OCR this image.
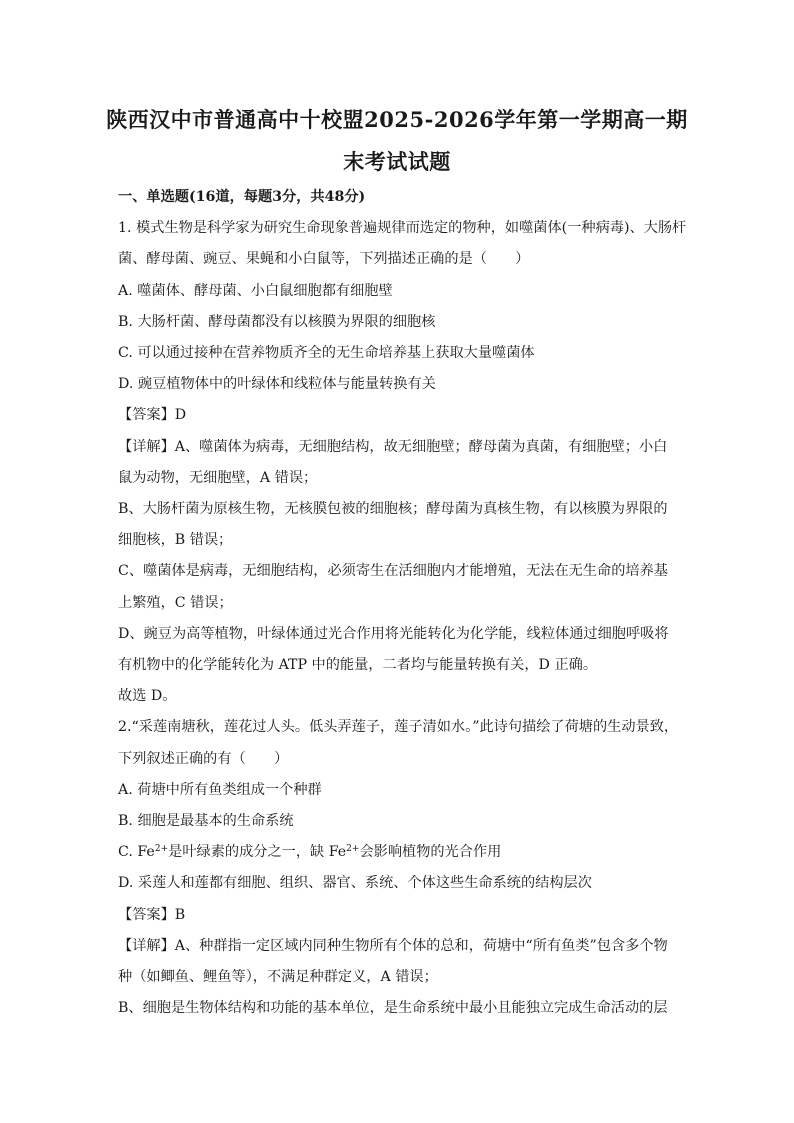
陕西汉中市普通高中十校盟2025-2026学年第一学期高一期
末考试试题
一、单选题(16道，每题3分，共48分)
1. 模式生物是科学家为研究生命现象普遍规律而选定的物种，如噬菌体(一种病毒)、大肠杆
菌、酵母菌、豌豆、果蝇和小白鼠等，下列描述正确的是（　　）
A. 噬菌体、酵母菌、小白鼠细胞都有细胞壁
B. 大肠杆菌、酵母菌都没有以核膜为界限的细胞核
C. 可以通过接种在营养物质齐全的无生命培养基上获取大量噬菌体
D. 豌豆植物体中的叶绿体和线粒体与能量转换有关
【答案】D
【详解】A、噬菌体为病毒，无细胞结构，故无细胞壁；酵母菌为真菌，有细胞壁；小白
鼠为动物，无细胞壁，A 错误；
B、大肠杆菌为原核生物，无核膜包被的细胞核；酵母菌为真核生物，有以核膜为界限的
细胞核，B 错误；
C、噬菌体是病毒，无细胞结构，必须寄生在活细胞内才能增殖，无法在无生命的培养基
上繁殖，C 错误；
D、豌豆为高等植物，叶绿体通过光合作用将光能转化为化学能，线粒体通过细胞呼吸将
有机物中的化学能转化为 ATP 中的能量，二者均与能量转换有关，D 正确。
故选 D。
2.“采莲南塘秋，莲花过人头。低头弄莲子，莲子清如水。”此诗句描绘了荷塘的生动景致，
下列叙述正确的有（　　）
A. 荷塘中所有鱼类组成一个种群
B. 细胞是最基本的生命系统
C. $Fe^{2+}$是叶绿素的成分之一，缺 $Fe^{2+}$会影响植物的光合作用
D. 采莲人和莲都有细胞、组织、器官、系统、个体这些生命系统的结构层次
【答案】B
【详解】A、种群指一定区域内同种生物所有个体的总和，荷塘中“所有鱼类”包含多个物
种（如鲫鱼、鲤鱼等），不满足种群定义，A 错误；
B、细胞是生物体结构和功能的基本单位，是生命系统中最小且能独立完成生命活动的层
